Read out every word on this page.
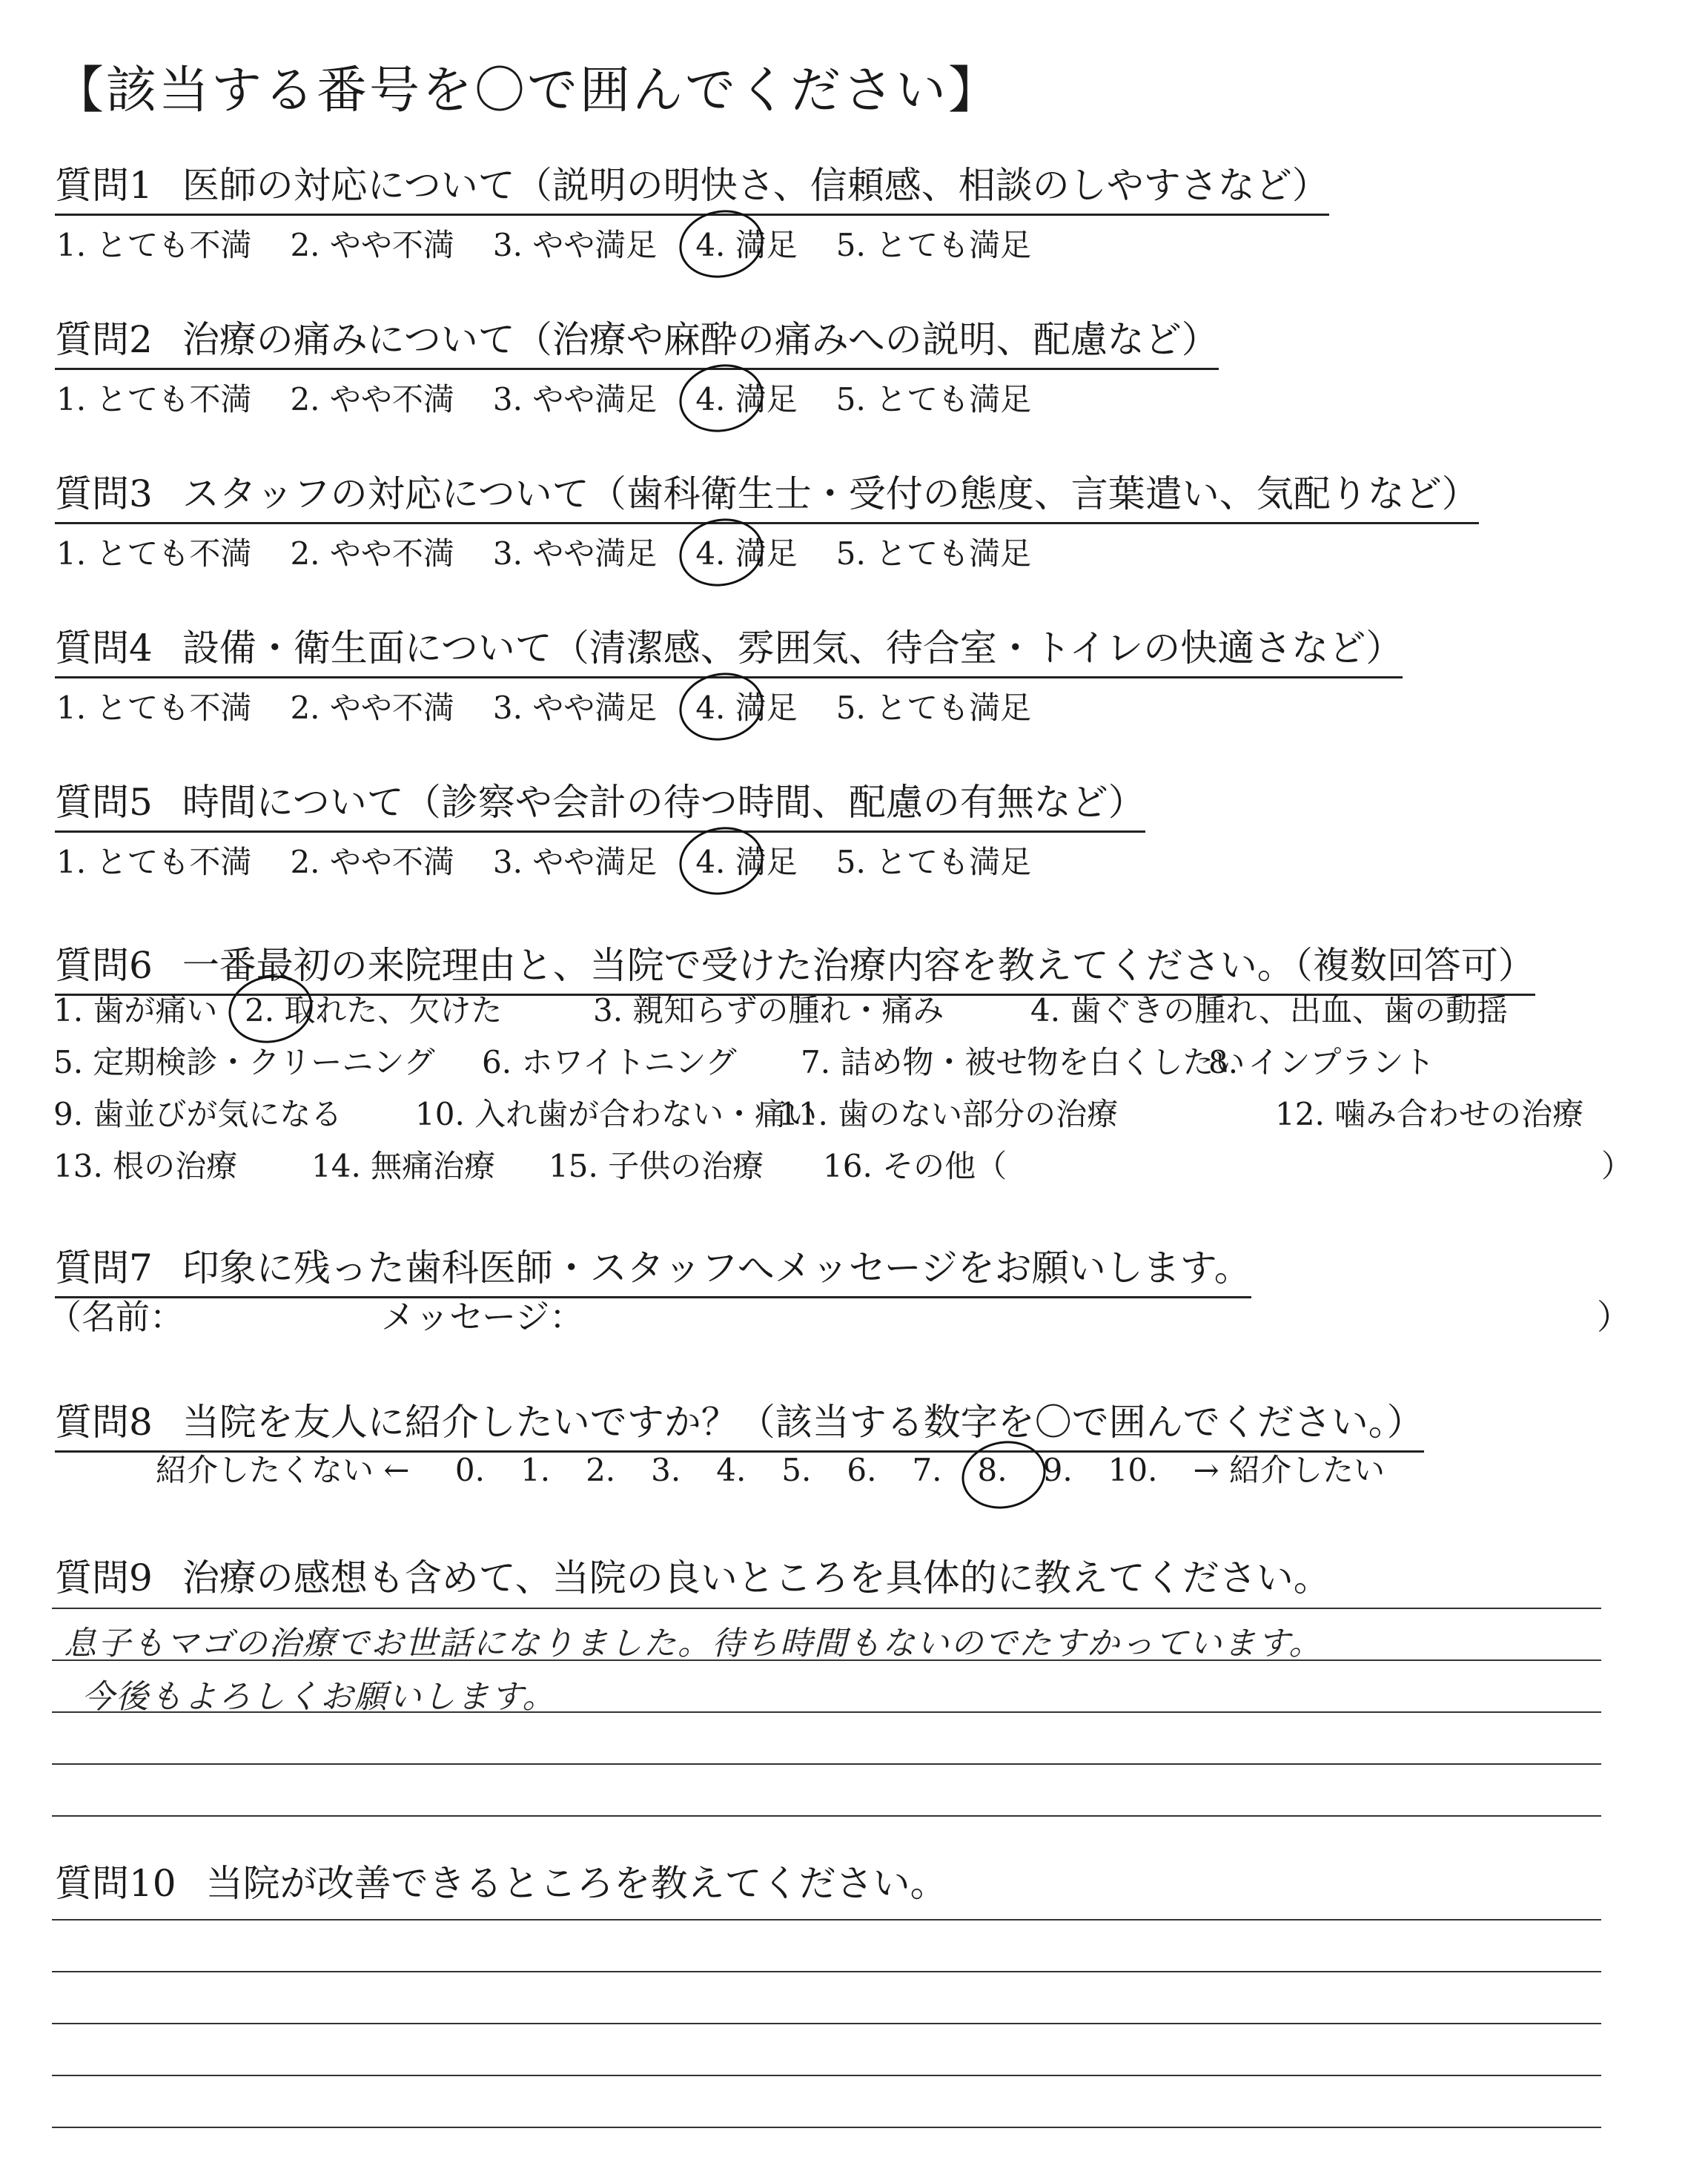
【該当する番号を〇で囲んでください】
質問1 医師の対応について（説明の明快さ、信頼感、相談のしやすさなど）
1. とても不満 2. やや不満 3. やや満足 4. 満足 5. とても満足
質問2 治療の痛みについて（治療や麻酔の痛みへの説明、配慮など）
1. とても不満 2. やや不満 3. やや満足 4. 満足 5. とても満足
質問3 スタッフの対応について（歯科衛生士・受付の態度、言葉遣い、気配りなど）
1. とても不満 2. やや不満 3. やや満足 4. 満足 5. とても満足
質問4 設備・衛生面について（清潔感、雰囲気、待合室・トイレの快適さなど）
1. とても不満 2. やや不満 3. やや満足 4. 満足 5. とても満足
質問5 時間について（診察や会計の待つ時間、配慮の有無など）
1. とても不満 2. やや不満 3. やや満足 4. 満足 5. とても満足
質問6 一番最初の来院理由と、当院で受けた治療内容を教えてください。（複数回答可）
1. 歯が痛い 2. 取れた、欠けた	3. 親知らずの腫れ・痛み	4. 歯ぐきの腫れ、出血、歯の動揺
5. 定期検診・クリーニング 6. ホワイトニング 7. 詰め物・被せ物を白くしたい
8. インプラント
9. 歯並びが気になる 10. 入れ歯が合わない・痛い
11. 歯のない部分の治療	12. 噛み合わせの治療
13. 根の治療 14. 無痛治療 15. 子供の治療 16. その他（	）
質問7 印象に残った歯科医師・スタッフへメッセージをお願いします。
（名前：	メッセージ：	）
質問8 当院を友人に紹介したいですか？（該当する数字を〇で囲んでください。）
紹介したくない ← 0. 1. 2. 3. 4. 5. 6. 7. 8. 9. 10. → 紹介したい
質問9 治療の感想も含めて、当院の良いところを具体的に教えてください。
息子もマゴの治療でお世話になりました。待ち時間もないのでたすかっています。
今後もよろしくお願いします。
質問10 当院が改善できるところを教えてください。
